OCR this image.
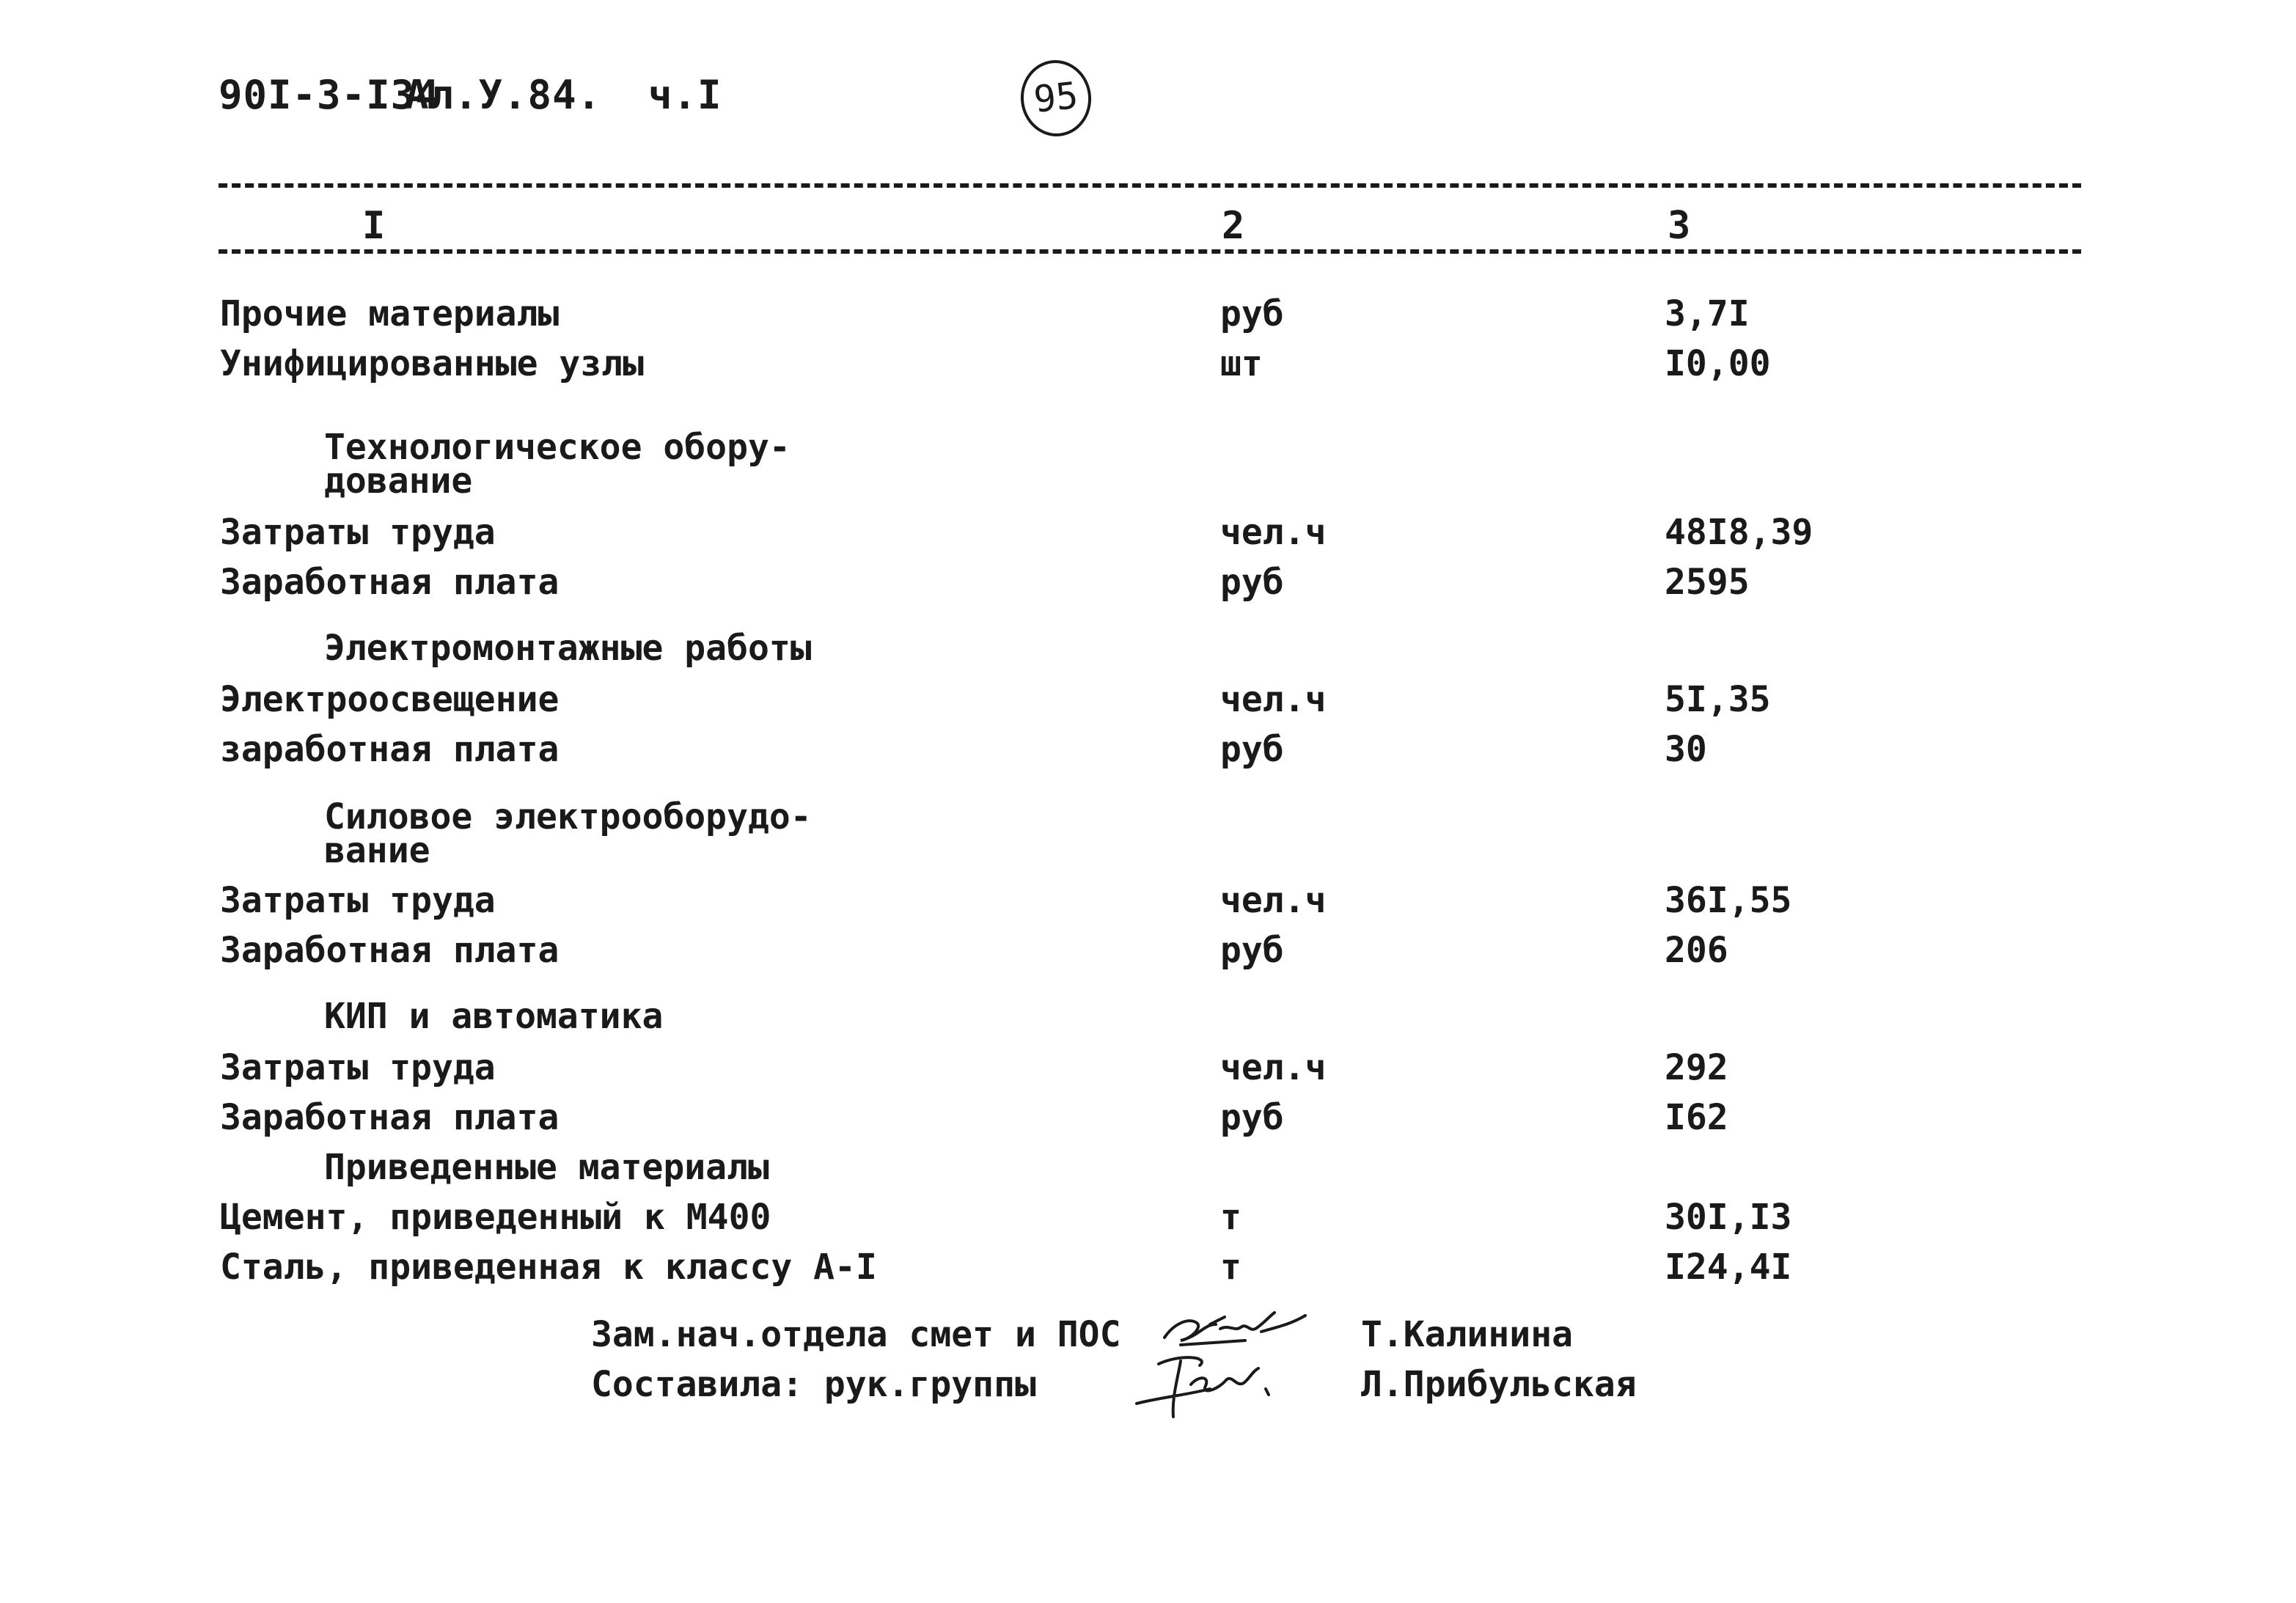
90I-3-I34
Ал.У.84. ч.I	95
I	2	3
Прочие материалы	руб	3,7I
Унифицированные узлы	шт	I0,00
Технологическое обору-
дование
Затраты труда	чел.ч	48I8,39
Заработная плата	руб	2595
Электромонтажные работы
Электроосвещение	чел.ч	5I,35
заработная плата	руб	30
Силовое электрооборудо-
вание
Затраты труда	чел.ч	36I,55
Заработная плата	руб	206
КИП и автоматика
Затраты труда	чел.ч	292
Заработная плата	руб	I62
Приведенные материалы
Цемент, приведенный к М400	т	30I,I3
Сталь, приведенная к классу А-I	т	I24,4I
Зам.нач.отдела смет и ПОС	Т.Калинина
Составила: рук.группы	Л.Прибульская
